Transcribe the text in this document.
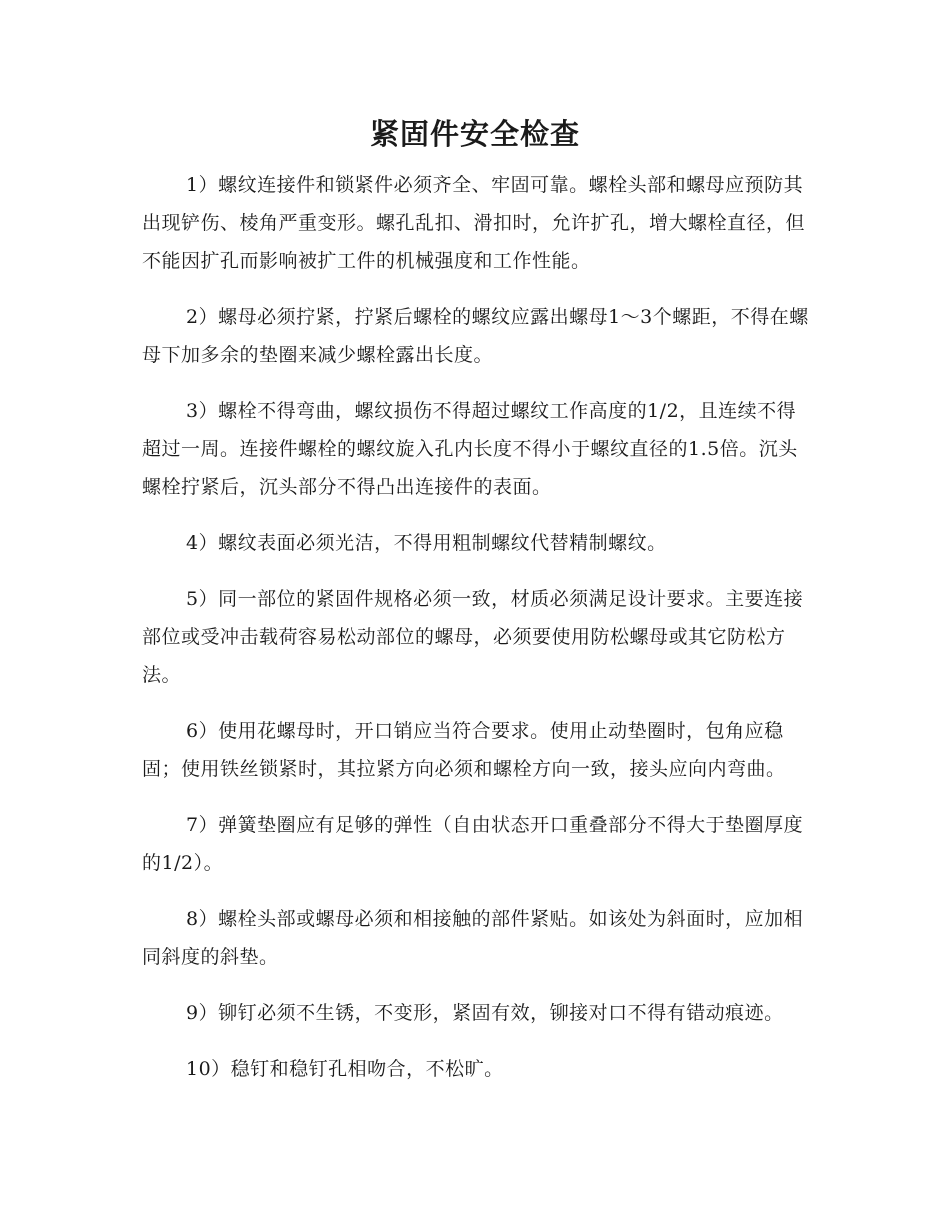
紧固件安全检查

1）螺纹连接件和锁紧件必须齐全、牢固可靠。螺栓头部和螺母应预防其出现铲伤、棱角严重变形。螺孔乱扣、滑扣时，允许扩孔，增大螺栓直径，但不能因扩孔而影响被扩工件的机械强度和工作性能。

2）螺母必须拧紧，拧紧后螺栓的螺纹应露出螺母1～3个螺距，不得在螺母下加多余的垫圈来减少螺栓露出长度。

3）螺栓不得弯曲，螺纹损伤不得超过螺纹工作高度的1/2，且连续不得超过一周。连接件螺栓的螺纹旋入孔内长度不得小于螺纹直径的1.5倍。沉头螺栓拧紧后，沉头部分不得凸出连接件的表面。

4）螺纹表面必须光洁，不得用粗制螺纹代替精制螺纹。

5）同一部位的紧固件规格必须一致，材质必须满足设计要求。主要连接部位或受冲击载荷容易松动部位的螺母，必须要使用防松螺母或其它防松方法。

6）使用花螺母时，开口销应当符合要求。使用止动垫圈时，包角应稳固；使用铁丝锁紧时，其拉紧方向必须和螺栓方向一致，接头应向内弯曲。

7）弹簧垫圈应有足够的弹性（自由状态开口重叠部分不得大于垫圈厚度的1/2）。

8）螺栓头部或螺母必须和相接触的部件紧贴。如该处为斜面时，应加相同斜度的斜垫。

9）铆钉必须不生锈，不变形，紧固有效，铆接对口不得有错动痕迹。

10）稳钉和稳钉孔相吻合，不松旷。
